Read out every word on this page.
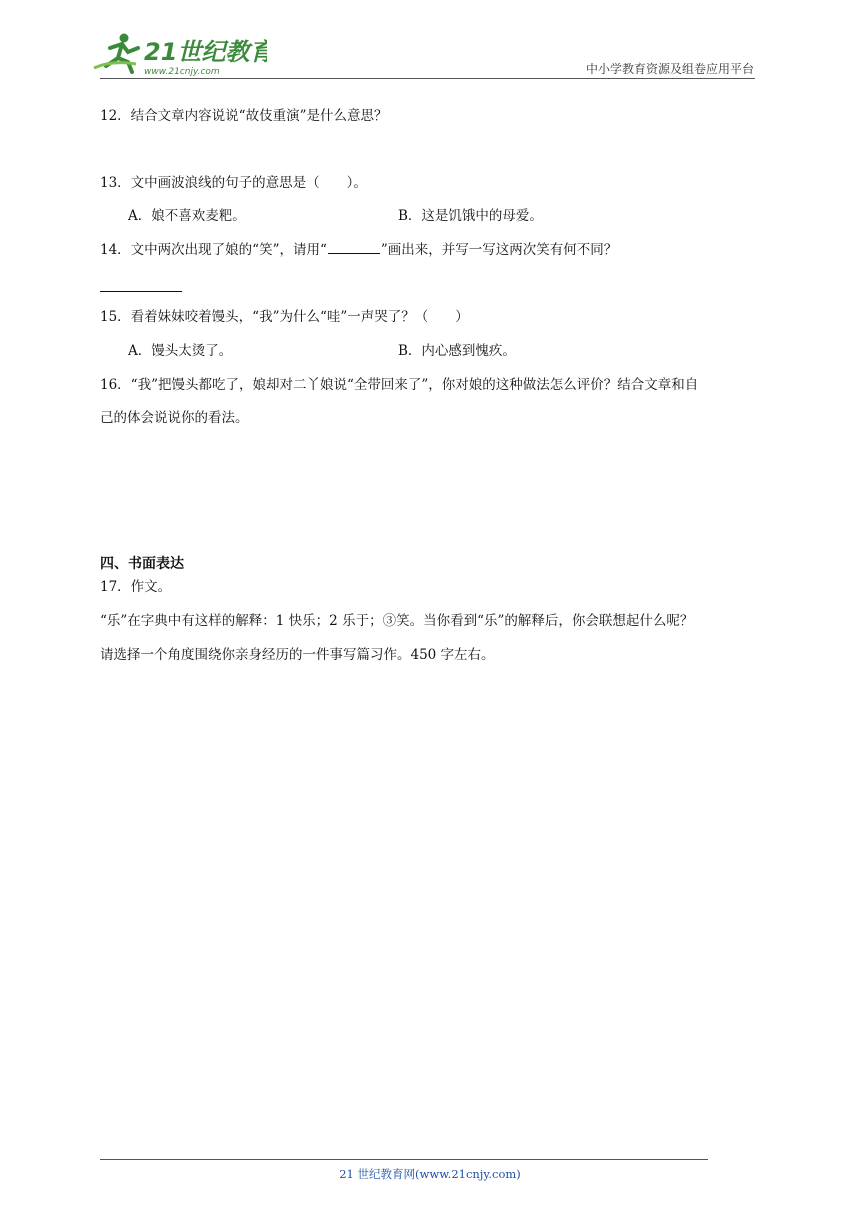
21世纪教育
www.21cnjy.com	中小学教育资源及组卷应用平台
12．结合文章内容说说“故伎重演”是什么意思？
13．文中画波浪线的句子的意思是（　　）。
A．娘不喜欢麦粑。	B．这是饥饿中的母爱。
14．文中两次出现了娘的“笑”，请用“	”画出来，并写一写这两次笑有何不同？
15．看着妹妹咬着馒头，“我”为什么“哇”一声哭了？（　　）
A．馒头太烫了。	B．内心感到愧疚。
16．“我”把馒头都吃了，娘却对二丫娘说“全带回来了”，你对娘的这种做法怎么评价？结合文章和自
己的体会说说你的看法。
四、书面表达
17．作文。
“乐”在字典中有这样的解释：1 快乐；2 乐于；③笑。当你看到“乐”的解释后，你会联想起什么呢？
请选择一个角度围绕你亲身经历的一件事写篇习作。450 字左右。
21 世纪教育网(www.21cnjy.com)
